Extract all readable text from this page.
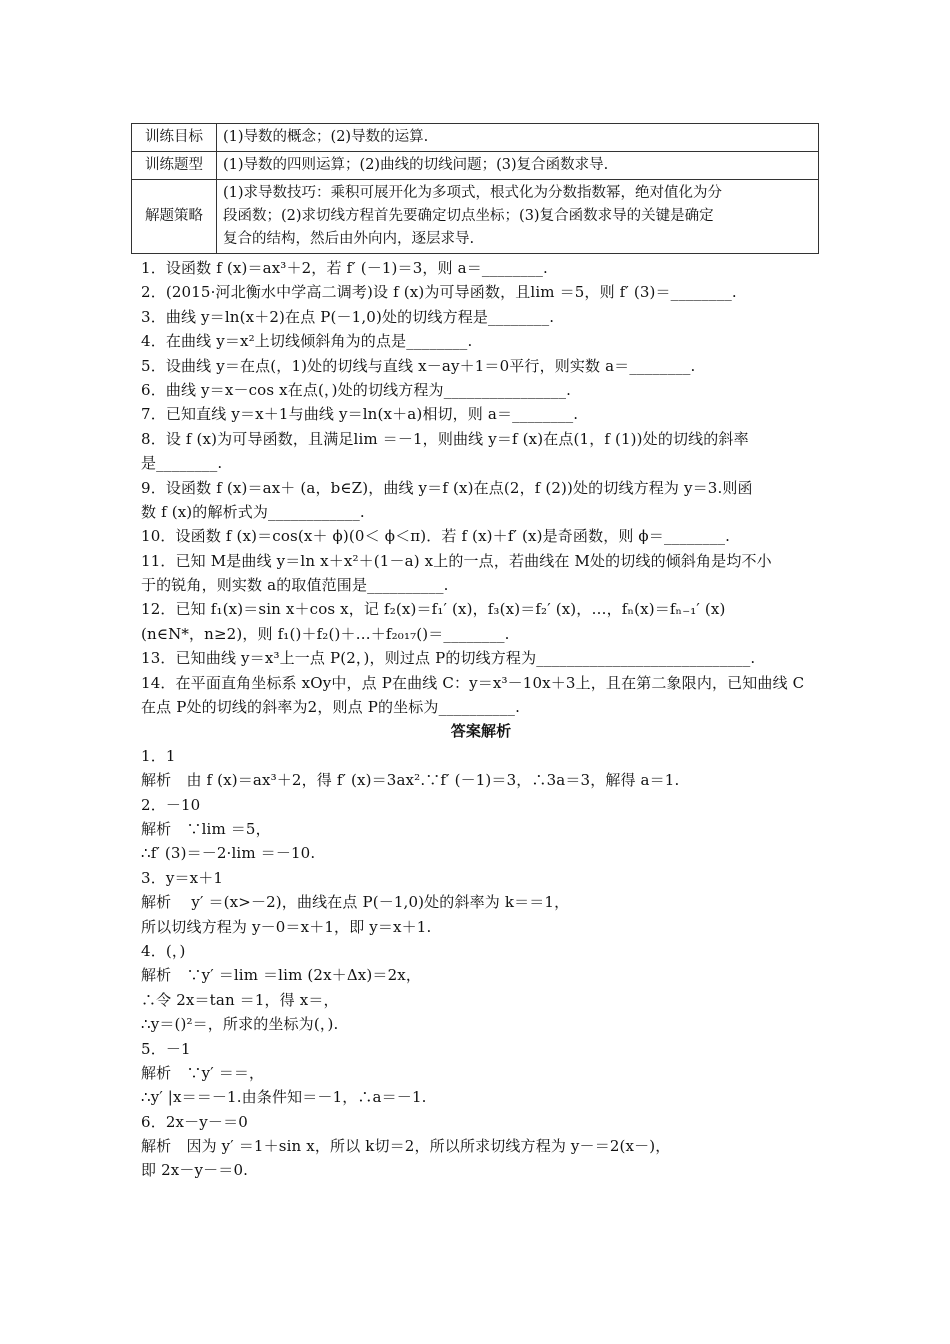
训练目标	(1)导数的概念；(2)导数的运算.

训练题型	(1)导数的四则运算；(2)曲线的切线问题；(3)复合函数求导.

解题策略	(1)求导数技巧：乘积可展开化为多项式，根式化为分数指数幂，绝对值化为分
段函数；(2)求切线方程首先要确定切点坐标；(3)复合函数求导的关键是确定
复合的结构，然后由外向内，逐层求导.
1．设函数 f (x)＝ax³＋2，若 f′ (－1)＝3，则 a＝________.
2．(2015·河北衡水中学高二调考)设 f (x)为可导函数，且lim ＝5，则 f′ (3)＝________.
3．曲线 y＝ln(x＋2)在点 P(－1,0)处的切线方程是________.
4．在曲线 y＝x²上切线倾斜角为的点是________.
5．设曲线 y＝在点(，1)处的切线与直线 x－ay＋1＝0平行，则实数 a＝________.
6．曲线 y＝x－cos x在点(，)处的切线方程为________________.
7．已知直线 y＝x＋1与曲线 y＝ln(x＋a)相切，则 a＝________.
8．设 f (x)为可导函数，且满足lim ＝－1，则曲线 y＝f (x)在点(1，f (1))处的切线的斜率
是________.
9．设函数 f (x)＝ax＋ (a，b∈Z)，曲线 y＝f (x)在点(2，f (2))处的切线方程为 y＝3.则函
数 f (x)的解析式为____________.
10．设函数 f (x)＝cos(x＋ ϕ)(0＜ ϕ＜π)．若 f (x)＋f′ (x)是奇函数，则 ϕ＝________.
11．已知 M是曲线 y＝ln x＋x²＋(1－a) x上的一点，若曲线在 M处的切线的倾斜角是均不小
于的锐角，则实数 a的取值范围是__________.
12．已知 f₁(x)＝sin x＋cos x，记 f₂(x)＝f₁′ (x)，f₃(x)＝f₂′ (x)，…，fₙ(x)＝fₙ₋₁′ (x)
(n∈N*，n≥2)，则 f₁()＋f₂()＋…＋f₂₀₁₇()＝________.
13．已知曲线 y＝x³上一点 P(2，)，则过点 P的切线方程为____________________________.
14．在平面直角坐标系 xOy中，点 P在曲线 C：y＝x³－10x＋3上，且在第二象限内，已知曲线 C
在点 P处的切线的斜率为2，则点 P的坐标为__________.
答案解析
1．1
解析　由 f (x)＝ax³＋2，得 f′ (x)＝3ax².∵f′ (－1)＝3，∴3a＝3，解得 a＝1.
2．－10
解析　∵lim ＝5，
∴f′ (3)＝－2·lim ＝－10.
3．y＝x＋1
解析　 y′ ＝(x>－2)，曲线在点 P(－1,0)处的斜率为 k＝＝1，
所以切线方程为 y－0＝x＋1，即 y＝x＋1.
4．(，)
解析　∵y′ ＝lim ＝lim (2x＋Δx)＝2x，
∴令 2x＝tan ＝1，得 x＝，
∴y＝()²＝，所求的坐标为(，).
5．－1
解析　∵y′ ＝＝，
∴y′ |x＝＝－1.由条件知＝－1，∴a＝－1.
6．2x－y－＝0
解析　因为 y′ ＝1＋sin x，所以 k切＝2，所以所求切线方程为 y－＝2(x－)，
即 2x－y－＝0.
